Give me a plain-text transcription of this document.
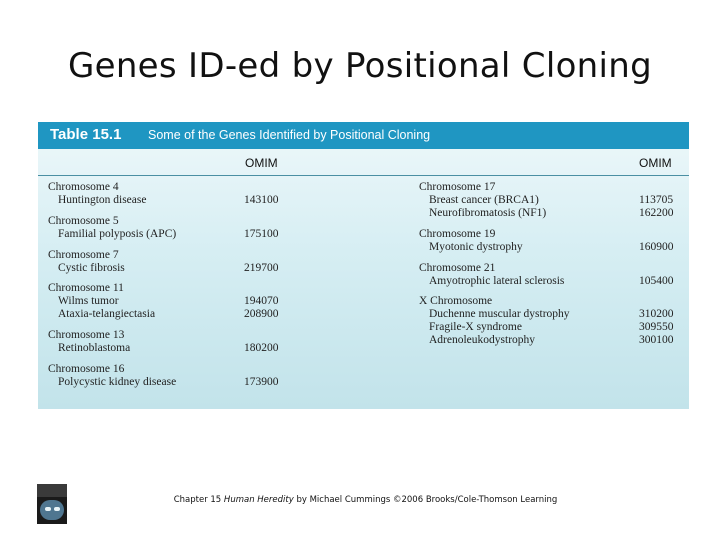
Genes ID-ed by Positional Cloning
Table 15.1 Some of the Genes Identified by Positional Cloning
OMIM	OMIM
Chromosome 4
Huntington disease	143100
Chromosome 5
Familial polyposis (APC)	175100
Chromosome 7
Cystic fibrosis	219700
Chromosome 11
Wilms tumor	194070
Ataxia-telangiectasia	208900
Chromosome 13
Retinoblastoma	180200
Chromosome 16
Polycystic kidney disease	173900
Chromosome 17
Breast cancer (BRCA1)	113705
Neurofibromatosis (NF1)	162200
Chromosome 19
Myotonic dystrophy	160900
Chromosome 21
Amyotrophic lateral sclerosis	105400
X Chromosome
Duchenne muscular dystrophy	310200
Fragile-X syndrome	309550
Adrenoleukodystrophy	300100
Chapter 15 Human Heredity by Michael Cummings ©2006 Brooks/Cole-Thomson Learning
